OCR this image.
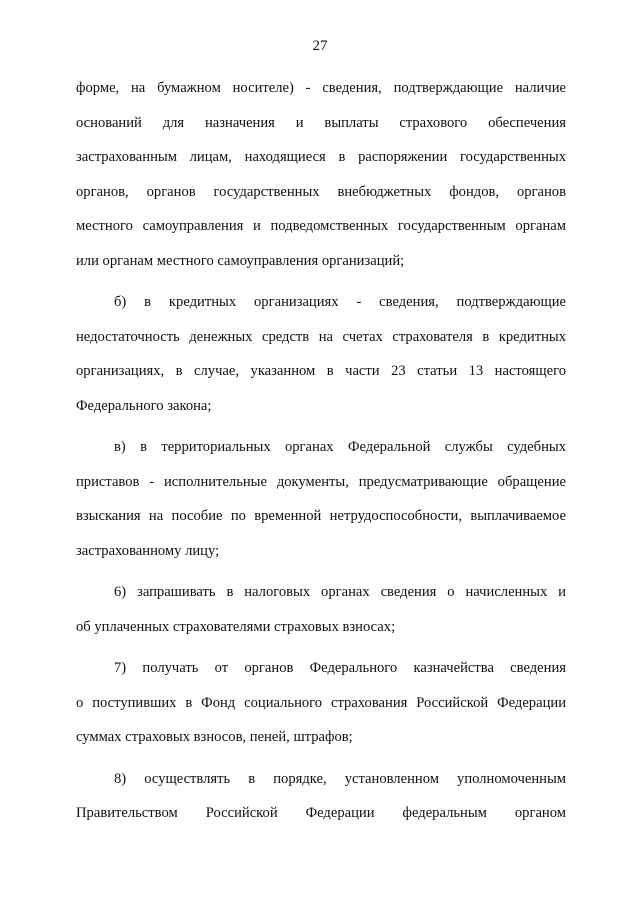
27
форме, на бумажном носителе) - сведения, подтверждающие наличие
оснований для назначения и выплаты страхового обеспечения
застрахованным лицам, находящиеся в распоряжении государственных
органов, органов государственных внебюджетных фондов, органов
местного самоуправления и подведомственных государственным органам
или органам местного самоуправления организаций;
б) в кредитных организациях - сведения, подтверждающие
недостаточность денежных средств на счетах страхователя в кредитных
организациях, в случае, указанном в части 23 статьи 13 настоящего
Федерального закона;
в) в территориальных органах Федеральной службы судебных
приставов - исполнительные документы, предусматривающие обращение
взыскания на пособие по временной нетрудоспособности, выплачиваемое
застрахованному лицу;
6) запрашивать в налоговых органах сведения о начисленных и
об уплаченных страхователями страховых взносах;
7) получать от органов Федерального казначейства сведения
о поступивших в Фонд социального страхования Российской Федерации
суммах страховых взносов, пеней, штрафов;
8) осуществлять в порядке, установленном уполномоченным
Правительством Российской Федерации федеральным органом
